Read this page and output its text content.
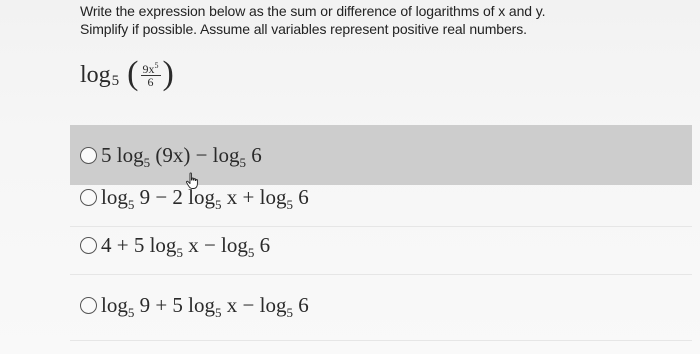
Write the expression below as the sum or difference of logarithms of x and y.
Simplify if possible. Assume all variables represent positive real numbers.
log 5 ( $\frac{9x^5}{6}$ )
5 $\log_5 (9x) - \log_5 6$
$\log_5 9 - 2$ $\log_5 x + \log_5 6$
4 + 5 $\log_5 x - \log_5 6$
$\log_5 9 + 5$ $\log_5 x - \log_5 6$
